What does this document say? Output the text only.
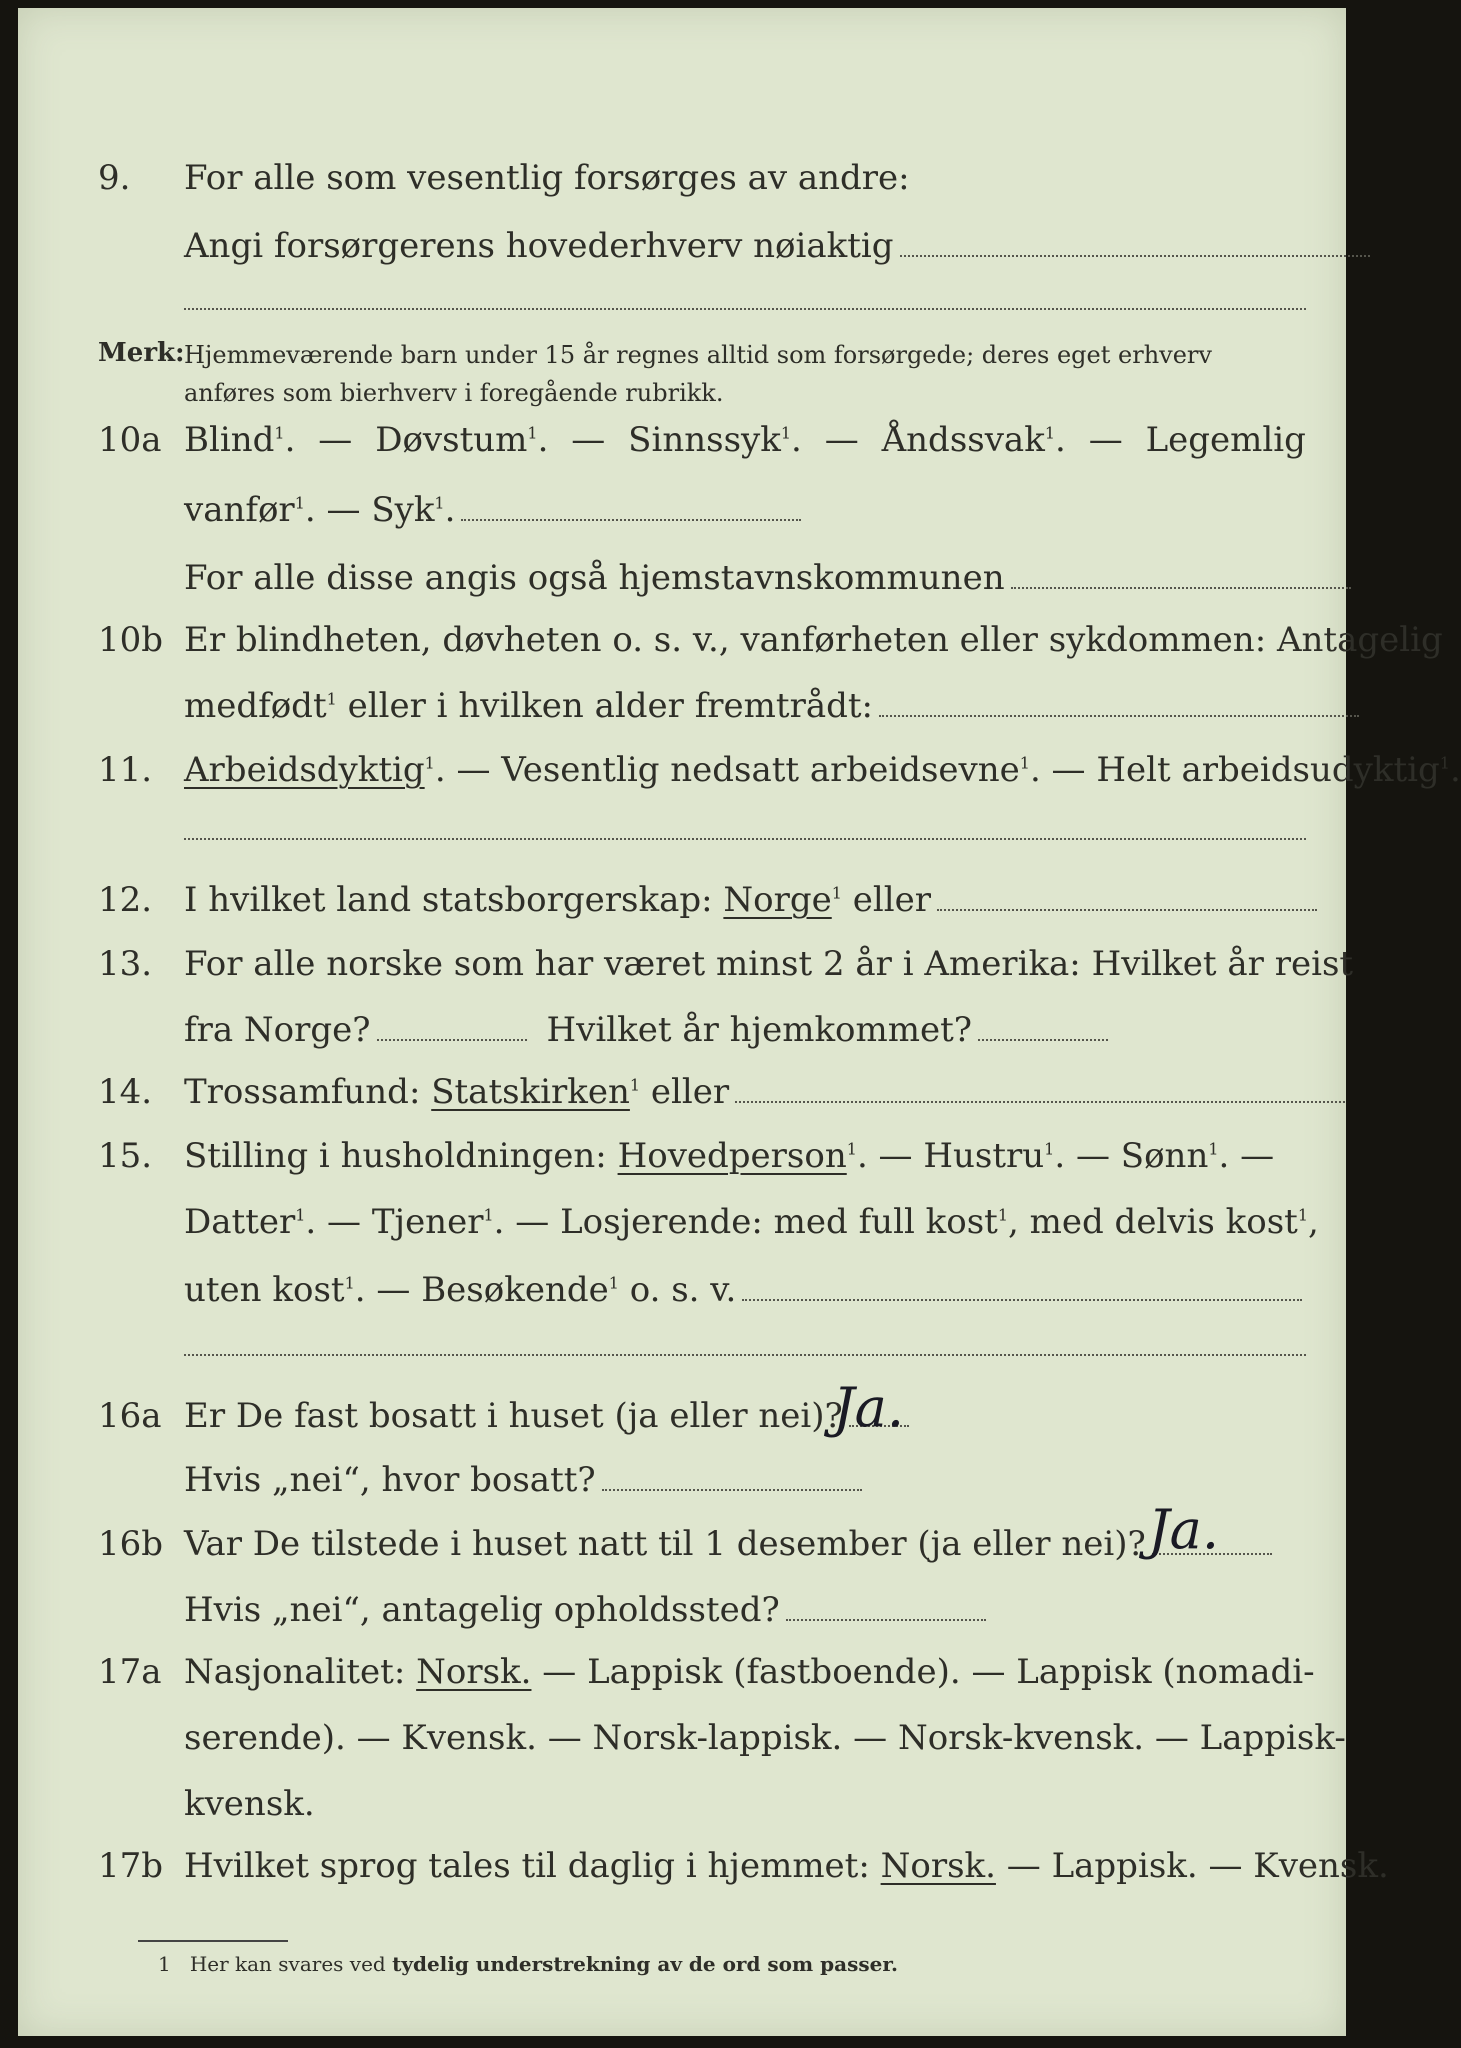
9. For alle som vesentlig forsørges av andre:
Angi forsørgerens hovederhverv nøiaktig
Merk: Hjemmeværende barn under 15 år regnes alltid som forsørgede; deres eget erhverv anføres som bierhverv i foregående rubrikk.
10a Blind$^1$. — Døvstum$^1$. — Sinnssyk$^1$. — Åndssvak$^1$. — Legemlig
vanfør$^1$. — Syk$^1$.
For alle disse angis også hjemstavnskommunen
10b Er blindheten, døvheten o. s. v., vanførheten eller sykdommen: Antagelig
medfødt$^1$ eller i hvilken alder fremtrådt:
11. Arbeidsdyktig$^1$. — Vesentlig nedsatt arbeidsevne$^1$. — Helt arbeidsudyktig$^1$.
12. I hvilket land statsborgerskap: Norge$^1$ eller
13. For alle norske som har været minst 2 år i Amerika: Hvilket år reist
fra Norge?	Hvilket år hjemkommet?
14. Trossamfund: Statskirken$^1$ eller
15. Stilling i husholdningen: Hovedperson$^1$. — Hustru$^1$. — Sønn$^1$. —
Datter$^1$. — Tjener$^1$. — Losjerende: med full kost$^1$, med delvis kost$^1$,
uten kost$^1$. — Besøkende$^1$ o. s. v.
16a Er De fast bosatt i huset (ja eller nei)?
Ja.
Hvis „nei“, hvor bosatt?
16b Var De tilstede i huset natt til 1 desember (ja eller nei)? Ja.
Hvis „nei“, antagelig opholdssted?
17a Nasjonalitet: Norsk. — Lappisk (fastboende). — Lappisk (nomadi-
serende). — Kvensk. — Norsk-lappisk. — Norsk-kvensk. — Lappisk-
kvensk.
17b Hvilket sprog tales til daglig i hjemmet: Norsk. — Lappisk. — Kvensk.
1 Her kan svares ved tydelig understrekning av de ord som passer.
